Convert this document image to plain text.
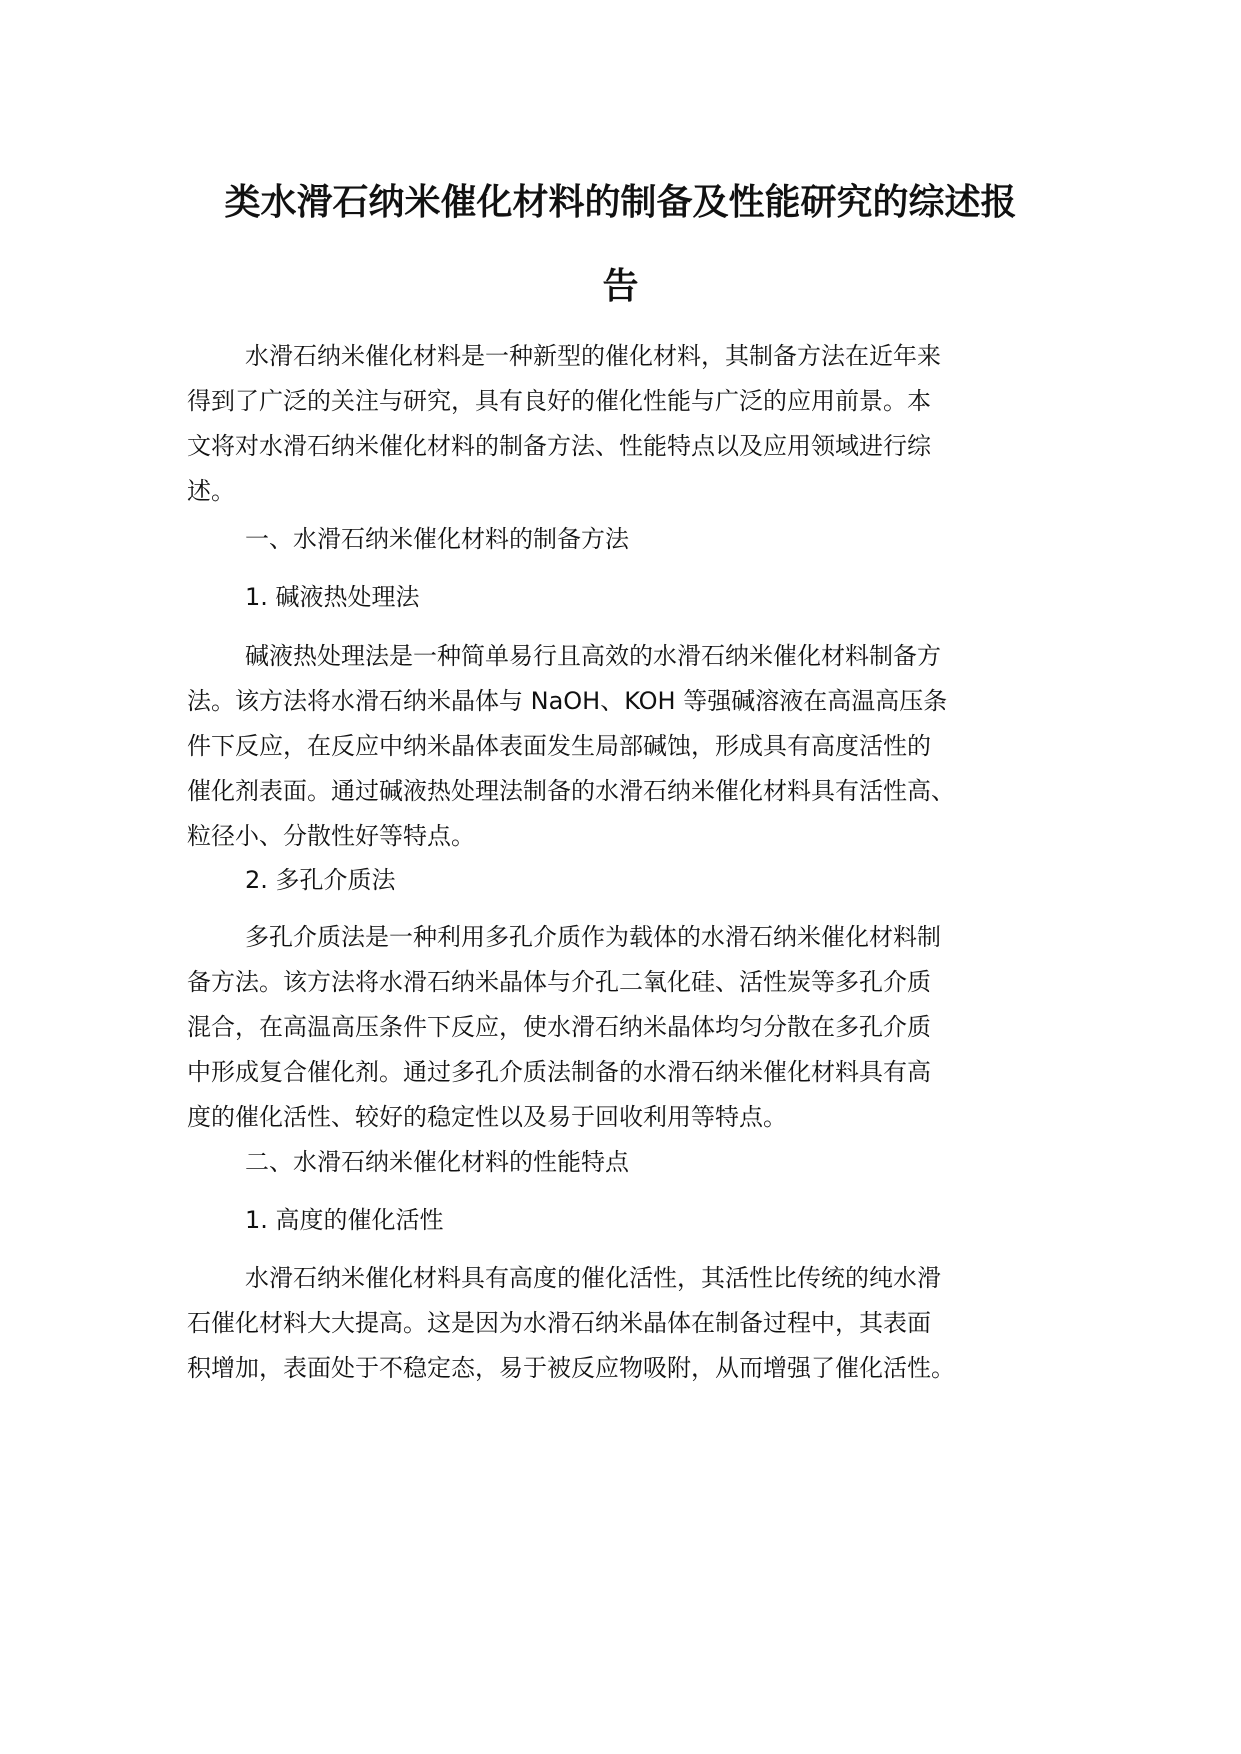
类水滑石纳米催化材料的制备及性能研究的综述报
告
水滑石纳米催化材料是一种新型的催化材料，其制备方法在近年来
得到了广泛的关注与研究，具有良好的催化性能与广泛的应用前景。本
文将对水滑石纳米催化材料的制备方法、性能特点以及应用领域进行综
述。
一、水滑石纳米催化材料的制备方法
1. 碱液热处理法
碱液热处理法是一种简单易行且高效的水滑石纳米催化材料制备方
法。该方法将水滑石纳米晶体与 NaOH、KOH 等强碱溶液在高温高压条
件下反应，在反应中纳米晶体表面发生局部碱蚀，形成具有高度活性的
催化剂表面。通过碱液热处理法制备的水滑石纳米催化材料具有活性高、
粒径小、分散性好等特点。
2. 多孔介质法
多孔介质法是一种利用多孔介质作为载体的水滑石纳米催化材料制
备方法。该方法将水滑石纳米晶体与介孔二氧化硅、活性炭等多孔介质
混合，在高温高压条件下反应，使水滑石纳米晶体均匀分散在多孔介质
中形成复合催化剂。通过多孔介质法制备的水滑石纳米催化材料具有高
度的催化活性、较好的稳定性以及易于回收利用等特点。
二、水滑石纳米催化材料的性能特点
1. 高度的催化活性
水滑石纳米催化材料具有高度的催化活性，其活性比传统的纯水滑
石催化材料大大提高。这是因为水滑石纳米晶体在制备过程中，其表面
积增加，表面处于不稳定态，易于被反应物吸附，从而增强了催化活性。
